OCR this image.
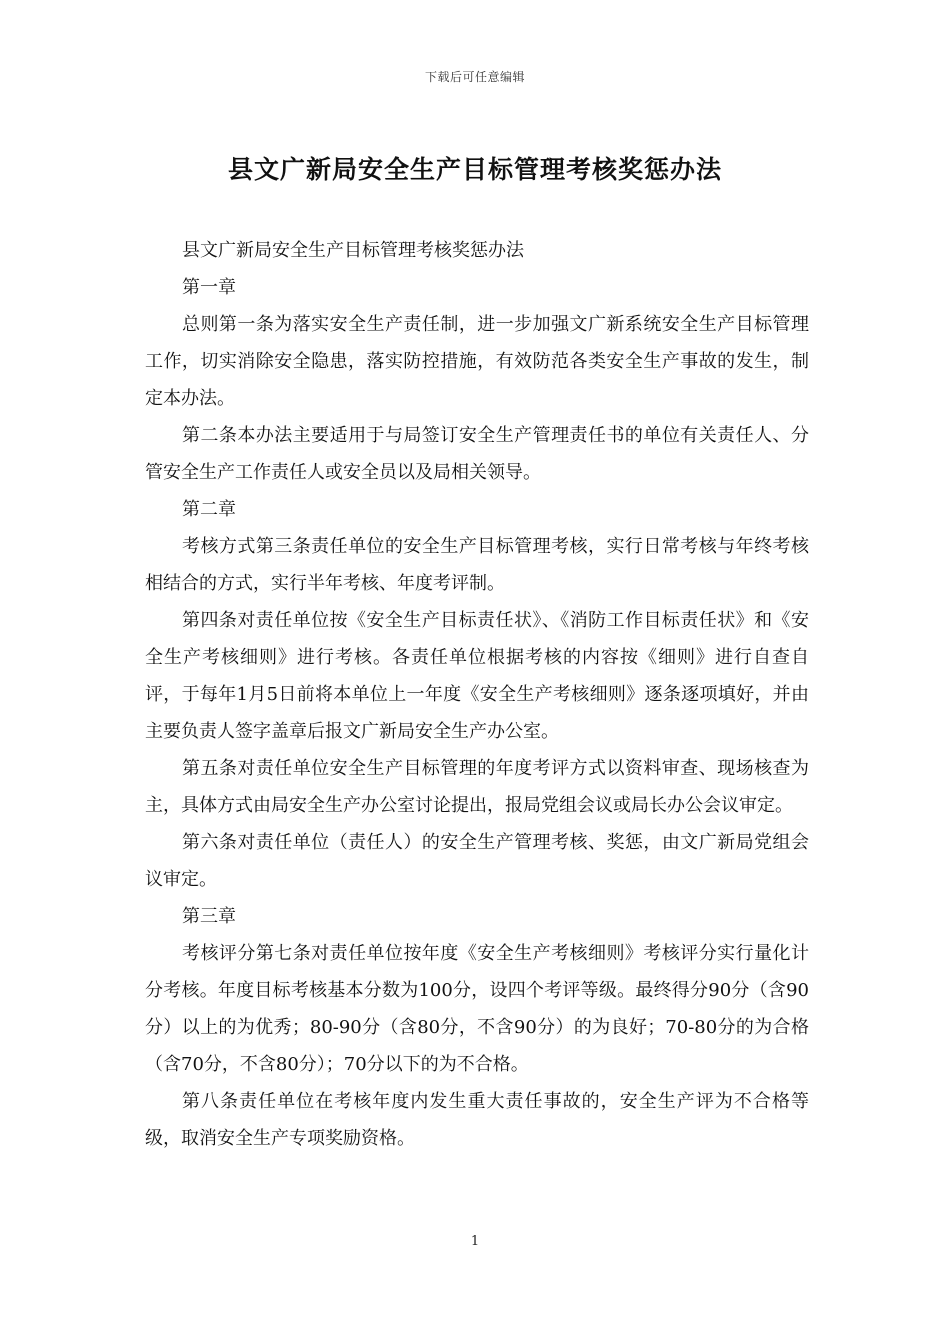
下载后可任意编辑
县文广新局安全生产目标管理考核奖惩办法

县文广新局安全生产目标管理考核奖惩办法

第一章

总则第一条为落实安全生产责任制，进一步加强文广新系统安全生产目标管理工作，切实消除安全隐患，落实防控措施，有效防范各类安全生产事故的发生，制定本办法。

第二条本办法主要适用于与局签订安全生产管理责任书的单位有关责任人、分管安全生产工作责任人或安全员以及局相关领导。

第二章

考核方式第三条责任单位的安全生产目标管理考核，实行日常考核与年终考核相结合的方式，实行半年考核、年度考评制。

第四条对责任单位按《安全生产目标责任状》、《消防工作目标责任状》和《安全生产考核细则》进行考核。各责任单位根据考核的内容按《细则》进行自查自评，于每年1月5日前将本单位上一年度《安全生产考核细则》逐条逐项填好，并由主要负责人签字盖章后报文广新局安全生产办公室。

第五条对责任单位安全生产目标管理的年度考评方式以资料审查、现场核查为主，具体方式由局安全生产办公室讨论提出，报局党组会议或局长办公会议审定。

第六条对责任单位（责任人）的安全生产管理考核、奖惩，由文广新局党组会议审定。

第三章

考核评分第七条对责任单位按年度《安全生产考核细则》考核评分实行量化计分考核。年度目标考核基本分数为100分，设四个考评等级。最终得分90分（含90分）以上的为优秀；80-90分（含80分，不含90分）的为良好；70-80分的为合格（含70分，不含80分）；70分以下的为不合格。

第八条责任单位在考核年度内发生重大责任事故的，安全生产评为不合格等级，取消安全生产专项奖励资格。

1
